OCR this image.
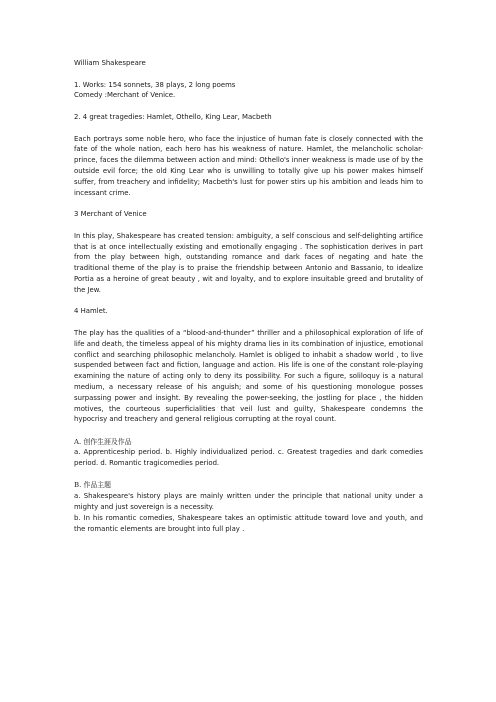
William Shakespeare
1. Works: 154 sonnets, 38 plays, 2 long poems
Comedy :Merchant of Venice.
2. 4 great tragedies: Hamlet, Othello, King Lear, Macbeth

Each portrays some noble hero, who face the injustice of human fate is closely connected with the fate of the whole nation, each hero has his weakness of nature. Hamlet, the melancholic scholar-prince, faces the dilemma between action and mind: Othello's inner weakness is made use of by the outside evil force; the old King Lear who is unwilling to totally give up his power makes himself suffer, from treachery and infidelity; Macbeth's lust for power stirs up his ambition and leads him to incessant crime.

3 Merchant of Venice

In this play, Shakespeare has created tension: ambiguity, a self conscious and self-delighting artifice that is at once intellectually existing and emotionally engaging . The sophistication derives in part from the play between high, outstanding romance and dark faces of negating and hate the traditional theme of the play is to praise the friendship between Antonio and Bassanio, to idealize Portia as a heroine of great beauty , wit and loyalty, and to explore insuitable greed and brutality of the Jew.

4 Hamlet.

The play has the qualities of a “blood-and-thunder” thriller and a philosophical exploration of life of life and death, the timeless appeal of his mighty drama lies in its combination of injustice, emotional conflict and searching philosophic melancholy. Hamlet is obliged to inhabit a shadow world , to live suspended between fact and fiction, language and action. His life is one of the constant role-playing examining the nature of acting only to deny its possibility. For such a figure, soliloquy is a natural medium, a necessary release of his anguish; and some of his questioning monologue posses surpassing power and insight. By revealing the power-seeking, the jostling for place , the hidden motives, the courteous superficialities that veil lust and guilty, Shakespeare condemns the hypocrisy and treachery and general religious corrupting at the royal count.

A. 创作生涯及作品

a. Apprenticeship period. b. Highly individualized period. c. Greatest tragedies and dark comedies period. d. Romantic tragicomedies period.

B. 作品主题

a. Shakespeare's history plays are mainly written under the principle that national unity under a mighty and just sovereign is a necessity.

b. In his romantic comedies, Shakespeare takes an optimistic attitude toward love and youth, and the romantic elements are brought into full play .
